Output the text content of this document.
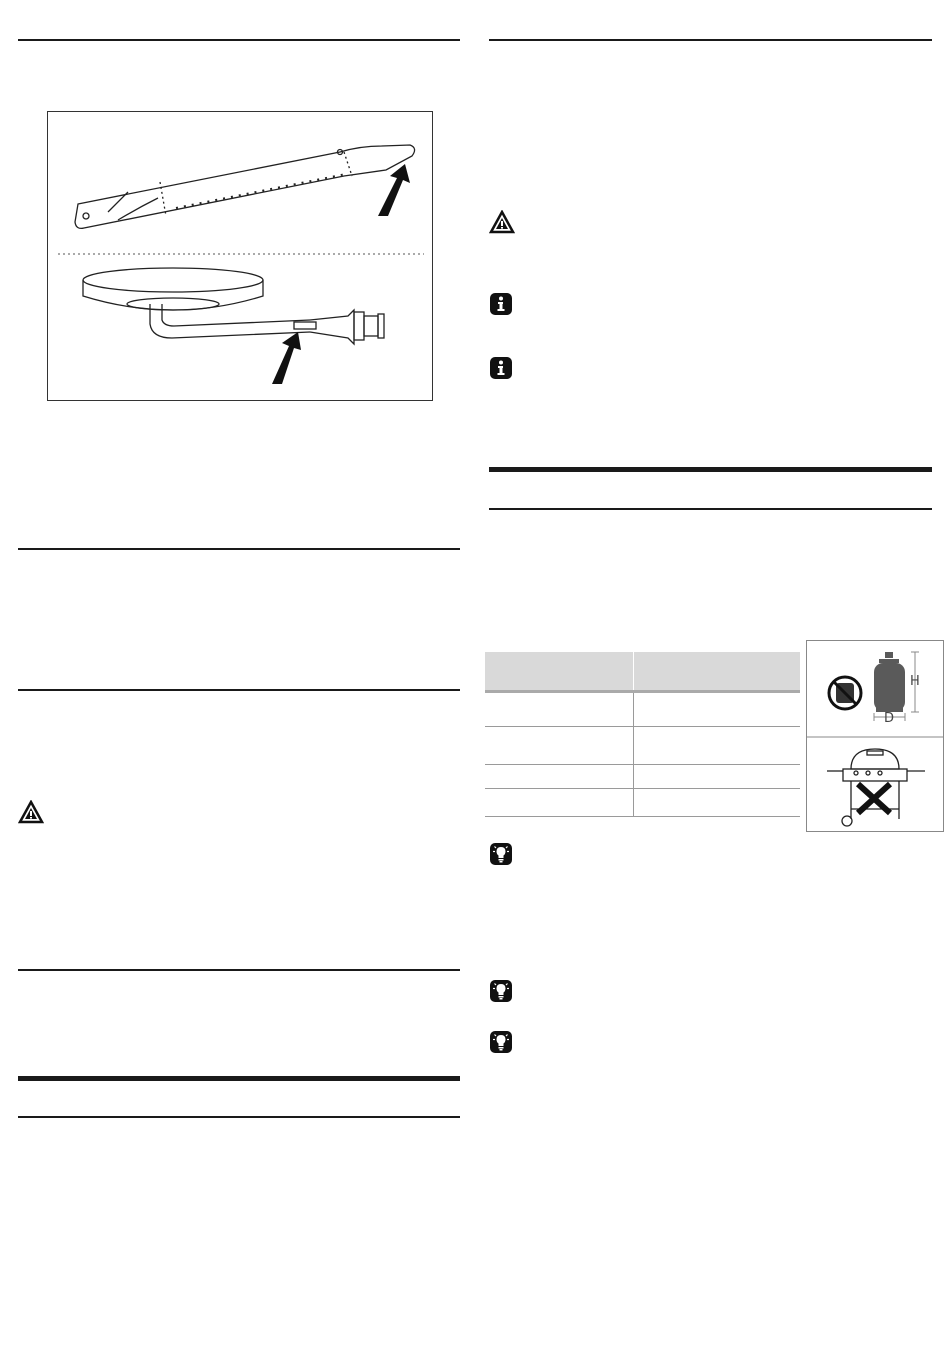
H
D
